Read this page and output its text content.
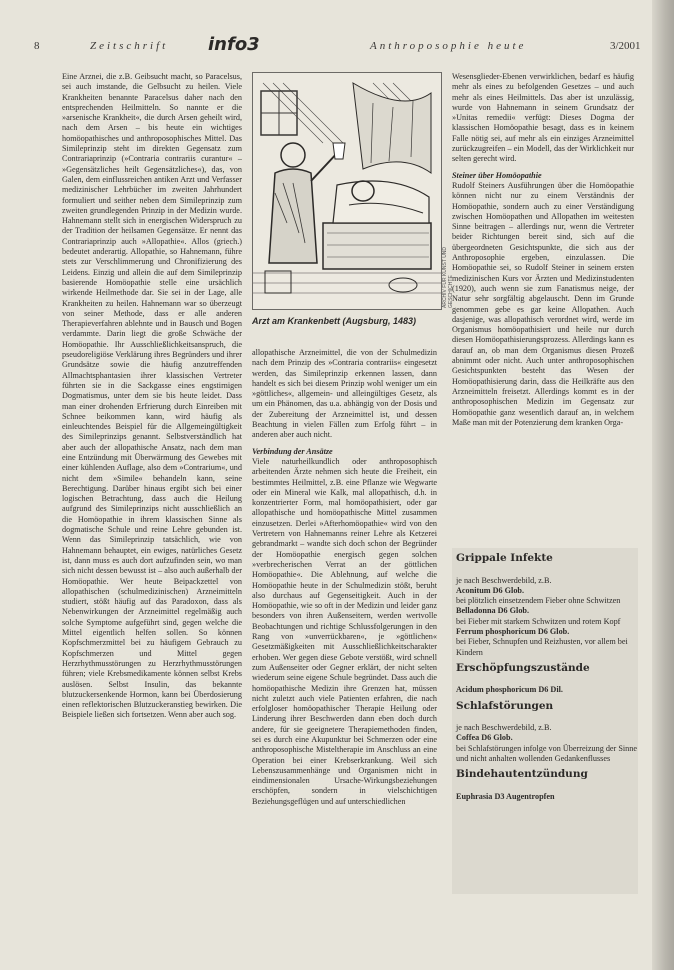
8	Zeitschrift info3	Anthroposophie heute	3/2001

Eine Arznei, die z.B. Geibsucht macht, so Paracelsus, sei auch imstande, die Gelbsucht zu heilen. Viele Krankheiten benannte Paracelsus daher nach den entsprechenden Heilmitteln. So nannte er die »arsenische Krankheit«, die durch Arsen geheilt wird, nach dem Arsen – bis heute ein wichtiges homöopathisches und anthroposophisches Mittel. Das Simileprinzip steht im direkten Gegensatz zum Contrariaprinzip (»Contraria contrariis curantur« – »Gegensätzliches heilt Gegensätzliches«), das, von Galen, dem einflussreichen antiken Arzt und Verfasser medizinischer Lehrbücher im zweiten Jahrhundert formuliert und seither neben dem Simileprinzip zum zweiten grundlegenden Prinzip in der Medizin wurde. Hahnemann stellt sich in energischen Widerspruch zu der Tradition der heilsamen Gegensätze. Er nennt das Contrariaprinzip auch »Allopathie«. Allos (griech.) bedeutet anderartig. Allopathie, so Hahnemann, führe stets zur Verschlimmerung und Chronifizierung des Leidens. Einzig und allein die auf dem Simileprinzip basierende Homöopathie stelle eine ursächlich wirkende Heilmethode dar. Sie sei in der Lage, alle Krankheiten zu heilen. Hahnemann war so überzeugt von seiner Methode, dass er alle anderen Therapieverfahren ablehnte und in Bausch und Bogen verdammte. Darin liegt die große Schwäche der Homöopathie. Ihr Ausschließlichkeitsanspruch, die pseudoreligiöse Verklärung ihres Begründers und ihrer Grundsätze sowie die häufig anzutreffenden Allmachtsphantasien ihrer klassischen Vertreter führten sie in die Sackgasse eines engstirnigen Dogmatismus, unter dem sie bis heute leidet. Dass man einer drohenden Erfrierung durch Einreiben mit Schnee beikommen kann, wird häufig als einleuchtendes Beispiel für die Allgemeingültigkeit des Simileprinzips genannt. Selbstverständlich hat aber auch der allopathische Ansatz, nach dem man eine Entzündung mit Überwärmung des Gewebes mit einer kühlenden Auflage, also dem »Contrarium«, und nicht dem »Simile« behandeln kann, seine Berechtigung. Darüber hinaus ergibt sich bei einer logischen Betrachtung, dass auch die Heilung aufgrund des Simileprinzips nicht ausschließlich an die Homöopathie in ihrem klassischen Sinne als dogmatische Schule und reine Lehre gebunden ist. Wenn das Simileprinzip tatsächlich, wie von Hahnemann behauptet, ein ewiges, natürliches Gesetz ist, dann muss es auch dort aufzufinden sein, wo man sich nicht dessen bewusst ist – also auch außerhalb der Homöopathie. Wer heute Beipackzettel von allopathischen (schulmedizinischen) Arzneimitteln studiert, stößt häufig auf das Paradoxon, dass als Nebenwirkungen der Arzneimittel regelmäßig auch solche Symptome aufgeführt sind, gegen welche die Mittel eigentlich helfen sollen. So können Kopfschmerzmittel bei zu häufigem Gebrauch zu Kopfschmerzen und Mittel gegen Herzrhythmusstörungen zu Herzrhythmusstörungen führen; viele Krebsmedikamente können selbst Krebs auslösen. Selbst Insulin, das bekannte blutzuckersenkende Hormon, kann bei Überdosierung einen reflektorischen Blutzuckeranstieg bewirken. Die Beispiele ließen sich fortsetzen. Wenn aber auch sog.

ARCHIV FÜR KUNST UND GESCHICHTE
Arzt am Krankenbett (Augsburg, 1483)

allopathische Arzneimittel, die von der Schulmedizin nach dem Prinzip des »Contraria contrariis« eingesetzt werden, das Simileprinzip erkennen lassen, dann handelt es sich bei diesem Prinzip wohl weniger um ein »göttliches«, allgemein- und alleingültiges Gesetz, als um ein Phänomen, das u.a. abhängig von der Dosis und der Zubereitung der Arzneimittel ist, und dessen Beachtung in vielen Fällen zum Erfolg führt – in anderen aber auch nicht.

Verbindung der Ansätze

Viele naturheilkundlich oder anthroposophisch arbeitenden Ärzte nehmen sich heute die Freiheit, ein bestimmtes Heilmittel, z.B. eine Pflanze wie Wegwarte oder ein Mineral wie Kalk, mal allopathisch, d.h. in konzentrierter Form, mal homöopathisiert, oder gar allopathische und homöopathische Mittel zusammen einzusetzen. Derlei »Afterhomöopathie« wird von den Vertretern von Hahnemanns reiner Lehre als Ketzerei gebrandmarkt – wandte sich doch schon der Begründer der Homöopathie energisch gegen solchen »verbrecherischen Verrat an der göttlichen Homöopathie«. Die Ablehnung, auf welche die Homöopathie heute in der Schulmedizin stößt, beruht also durchaus auf Gegenseitigkeit. Auch in der Homöopathie, wie so oft in der Medizin und leider ganz besonders von ihren Außenseitern, werden wertvolle Beobachtungen und richtige Schlussfolgerungen in den Rang von »unverrückbaren«, je »göttlichen« Gesetzmäßigkeiten mit Ausschließlichkeitscharakter erhoben. Wer gegen diese Gebote verstößt, wird schnell zum Außenseiter oder Gegner erklärt, der nicht selten wiederum seine eigene Schule begründet. Dass auch die homöopathische Medizin ihre Grenzen hat, müssen nicht zuletzt auch viele Patienten erfahren, die nach erfolgloser homöopathischer Therapie Heilung oder Linderung ihrer Beschwerden dann eben doch durch andere, für sie geeignetere Therapiemethoden finden, sei es durch eine Akupunktur bei Schmerzen oder eine anthroposophische Misteltherapie im Anschluss an eine Operation bei einer Krebserkrankung. Weil sich Lebenszusammenhänge und Organismen nicht in eindimensionalen Ursache-Wirkungsbeziehungen erschöpfen, sondern in vielschichtigen Beziehungsgeflügen und auf unterschiedlichen

Wesensglieder-Ebenen verwirklichen, bedarf es häufig mehr als eines zu befolgenden Gesetzes – und auch mehr als eines Heilmittels. Das aber ist unzulässig, wurde von Hahnemann in seinem Grundsatz der »Unitas remedii« verfügt: Dieses Dogma der klassischen Homöopathie besagt, dass es in keinem Falle nötig sei, auf mehr als ein einziges Arzneimittel zurückzugreifen – ein Modell, das der Wirklichkeit nur selten gerecht wird.

Steiner über Homöopathie

Rudolf Steiners Ausführungen über die Homöopathie können nicht nur zu einem Verständnis der Homöopathie, sondern auch zu einer Verständigung zwischen Homöopathen und Allopathen im weitesten Sinne beitragen – allerdings nur, wenn die Vertreter beider Richtungen bereit sind, sich auf die übergeordneten Gesichtspunkte, die sich aus der Anthroposophie ergeben, einzulassen. Die Homöopathie sei, so Rudolf Steiner in seinem ersten medizinischen Kurs vor Ärzten und Medizinstudenten (1920), auch wenn sie zum Fanatismus neige, der Natur sehr sorgfältig abgelauscht. Denn im Grunde genommen gebe es gar keine Allopathen. Auch dasjenige, was allopathisch verordnet wird, werde im Organismus homöopathisiert und heile nur durch diesen Homöopathisierungsprozess. Allerdings kann es darauf an, ob man dem Organismus diesen Prozeß abnimmt oder nicht. Auch unter anthroposophischen Gesichtspunkten besteht das Wesen der Homöopathisierung darin, dass die Heilkräfte aus den Arzneimitteln freisetzt. Allerdings kommt es in der anthroposophischen Medizin im Gegensatz zur Homöopathie ganz wesentlich darauf an, in welchem Maße man mit der Potenzierung dem kranken Orga-

Grippale Infekte

je nach Beschwerdebild, z.B.

Aconitum D6 Glob.

bei plötzlich einsetzendem Fieber ohne Schwitzen

Belladonna D6 Glob.

bei Fieber mit starkem Schwitzen und rotem Kopf

Ferrum phosphoricum D6 Glob.

bei Fieber, Schnupfen und Reizhusten, vor allem bei Kindern

Erschöpfungszustände

Acidum phosphoricum D6 Dil.

Schlafstörungen

je nach Beschwerdebild, z.B.

Coffea D6 Glob.

bei Schlafstörungen infolge von Überreizung der Sinne und nicht anhalten wollenden Gedankenflusses

Bindehautentzündung

Euphrasia D3 Augentropfen
